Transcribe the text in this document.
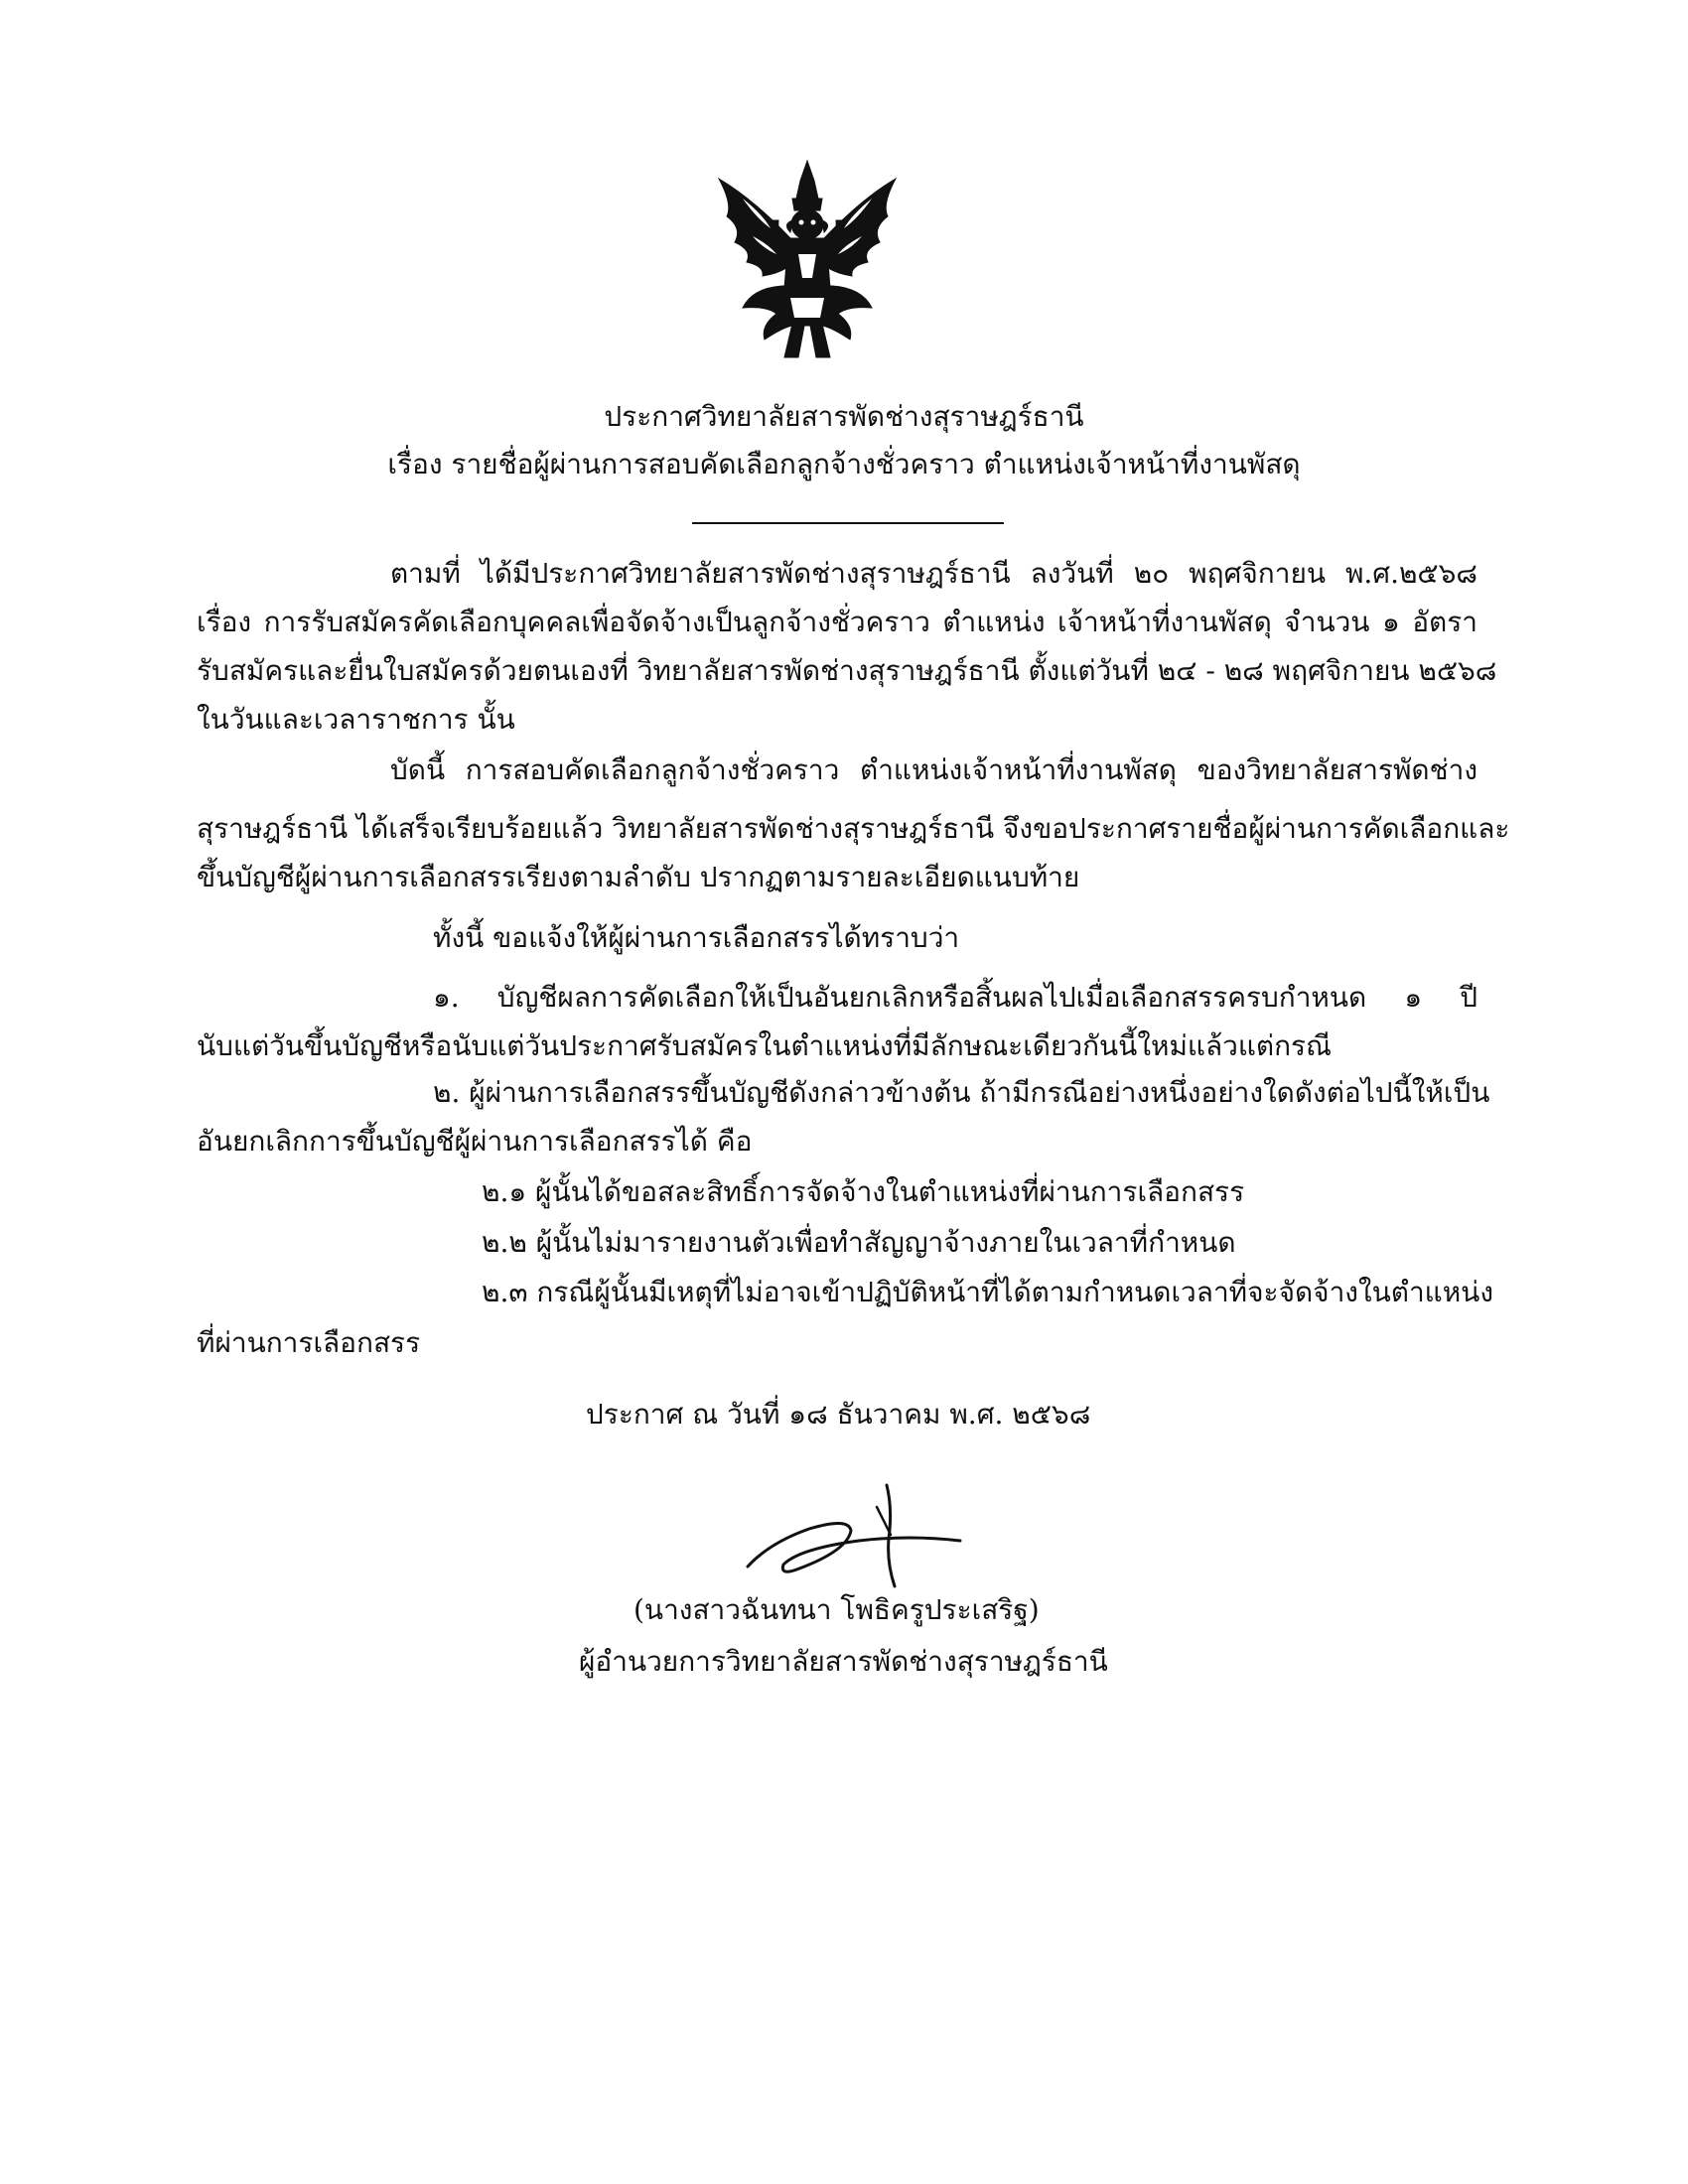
ประกาศวิทยาลัยสารพัดช่างสุราษฎร์ธานี
เรื่อง รายชื่อผู้ผ่านการสอบคัดเลือกลูกจ้างชั่วคราว ตำแหน่งเจ้าหน้าที่งานพัสดุ
ตามที่ ได้มีประกาศวิทยาลัยสารพัดช่างสุราษฎร์ธานี ลงวันที่ ๒๐ พฤศจิกายน พ.ศ.๒๕๖๘
เรื่อง การรับสมัครคัดเลือกบุคคลเพื่อจัดจ้างเป็นลูกจ้างชั่วคราว ตำแหน่ง เจ้าหน้าที่งานพัสดุ จำนวน ๑ อัตรา
รับสมัครและยื่นใบสมัครด้วยตนเองที่ วิทยาลัยสารพัดช่างสุราษฎร์ธานี ตั้งแต่วันที่ ๒๔ - ๒๘ พฤศจิกายน ๒๕๖๘
ในวันและเวลาราชการ นั้น
บัดนี้ การสอบคัดเลือกลูกจ้างชั่วคราว ตำแหน่งเจ้าหน้าที่งานพัสดุ ของวิทยาลัยสารพัดช่าง
สุราษฎร์ธานี ได้เสร็จเรียบร้อยแล้ว วิทยาลัยสารพัดช่างสุราษฎร์ธานี จึงขอประกาศรายชื่อผู้ผ่านการคัดเลือกและ
ขึ้นบัญชีผู้ผ่านการเลือกสรรเรียงตามลำดับ ปรากฏตามรายละเอียดแนบท้าย
ทั้งนี้ ขอแจ้งให้ผู้ผ่านการเลือกสรรได้ทราบว่า
๑. บัญชีผลการคัดเลือกให้เป็นอันยกเลิกหรือสิ้นผลไปเมื่อเลือกสรรครบกำหนด ๑ ปี
นับแต่วันขึ้นบัญชีหรือนับแต่วันประกาศรับสมัครในตำแหน่งที่มีลักษณะเดียวกันนี้ใหม่แล้วแต่กรณี
๒. ผู้ผ่านการเลือกสรรขึ้นบัญชีดังกล่าวข้างต้น ถ้ามีกรณีอย่างหนึ่งอย่างใดดังต่อไปนี้ให้เป็น
อันยกเลิกการขึ้นบัญชีผู้ผ่านการเลือกสรรได้ คือ
๒.๑ ผู้นั้นได้ขอสละสิทธิ์การจัดจ้างในตำแหน่งที่ผ่านการเลือกสรร
๒.๒ ผู้นั้นไม่มารายงานตัวเพื่อทำสัญญาจ้างภายในเวลาที่กำหนด
๒.๓ กรณีผู้นั้นมีเหตุที่ไม่อาจเข้าปฏิบัติหน้าที่ได้ตามกำหนดเวลาที่จะจัดจ้างในตำแหน่ง
ที่ผ่านการเลือกสรร
ประกาศ ณ วันที่ ๑๘ ธันวาคม พ.ศ. ๒๕๖๘
(นางสาวฉันทนา โพธิครูประเสริฐ)
ผู้อำนวยการวิทยาลัยสารพัดช่างสุราษฎร์ธานี
